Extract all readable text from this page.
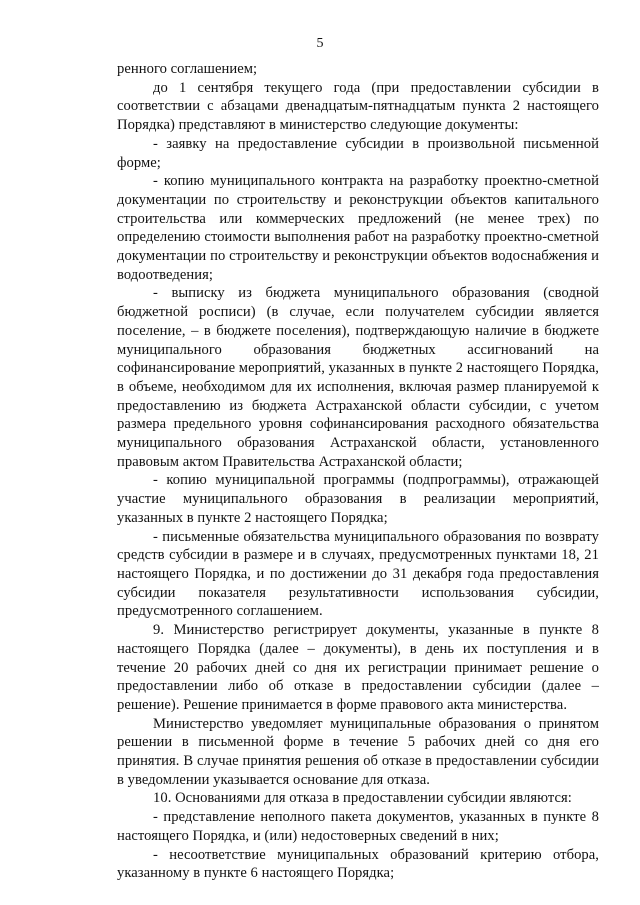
5

ренного соглашением;

до 1 сентября текущего года (при предоставлении субсидии в соответствии с абзацами двенадцатым-пятнадцатым пункта 2 настоящего Порядка) представляют в министерство следующие документы:

- заявку на предоставление субсидии в произвольной письменной форме;

- копию муниципального контракта на разработку проектно-сметной документации по строительству и реконструкции объектов капитального строительства или коммерческих предложений (не менее трех) по определению стоимости выполнения работ на разработку проектно-сметной документации по строительству и реконструкции объектов водоснабжения и водоотведения;

- выписку из бюджета муниципального образования (сводной бюджетной росписи) (в случае, если получателем субсидии является поселение, – в бюджете поселения), подтверждающую наличие в бюджете муниципального образования бюджетных ассигнований на софинансирование мероприятий, указанных в пункте 2 настоящего Порядка, в объеме, необходимом для их исполнения, включая размер планируемой к предоставлению из бюджета Астраханской области субсидии, с учетом размера предельного уровня софинансирования расходного обязательства муниципального образования Астраханской области, установленного правовым актом Правительства Астраханской области;

- копию муниципальной программы (подпрограммы), отражающей участие муниципального образования в реализации мероприятий, указанных в пункте 2 настоящего Порядка;

- письменные обязательства муниципального образования по возврату средств субсидии в размере и в случаях, предусмотренных пунктами 18, 21 настоящего Порядка, и по достижении до 31 декабря года предоставления субсидии показателя результативности использования субсидии, предусмотренного соглашением.

9. Министерство регистрирует документы, указанные в пункте 8 настоящего Порядка (далее – документы), в день их поступления и в течение 20 рабочих дней со дня их регистрации принимает решение о предоставлении либо об отказе в предоставлении субсидии (далее – решение). Решение принимается в форме правового акта министерства.

Министерство уведомляет муниципальные образования о принятом решении в письменной форме в течение 5 рабочих дней со дня его принятия. В случае принятия решения об отказе в предоставлении субсидии в уведомлении указывается основание для отказа.

10. Основаниями для отказа в предоставлении субсидии являются:

- представление неполного пакета документов, указанных в пункте 8 настоящего Порядка, и (или) недостоверных сведений в них;

- несоответствие муниципальных образований критерию отбора, указанному в пункте 6 настоящего Порядка;
